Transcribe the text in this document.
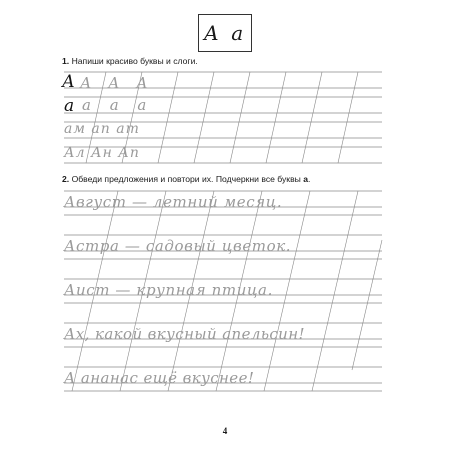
А а
1. Напиши красиво буквы и слоги.
А А А А
а а а а
ам ап ат
Ал Ан Ап
2. Обведи предложения и повтори их. Подчеркни все буквы а.
Август — летний месяц.
Астра — садовый цветок.
Аист — крупная птица.
Ах, какой вкусный апельсин!
А ананас ещё вкуснее!
4
